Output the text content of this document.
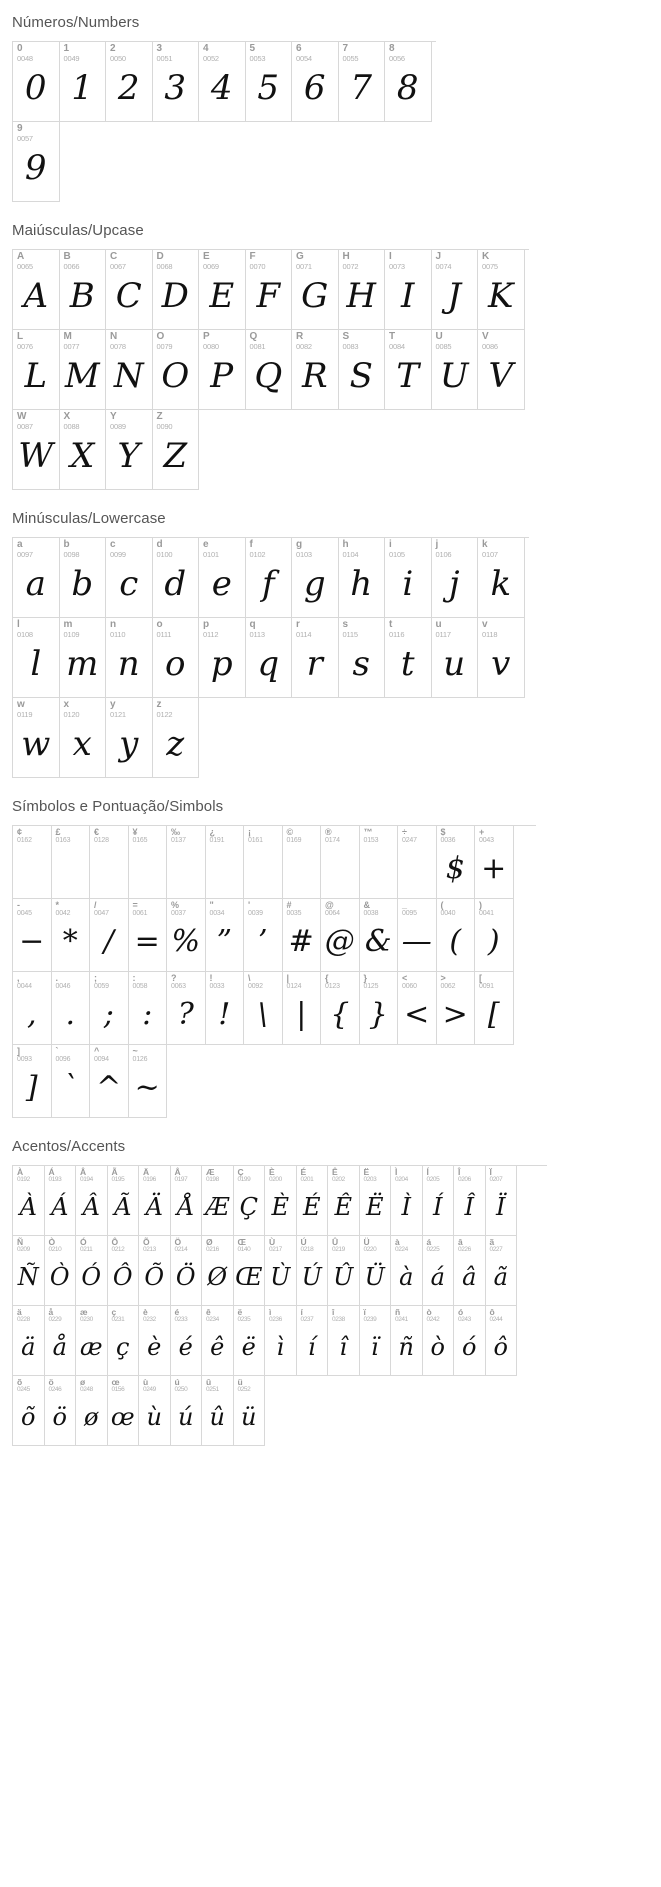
Números/Numbers
0
0048
0
1
0049
1
2
0050
2
3
0051
3
4
0052
4
5
0053
5
6
0054
6
7
0055
7
8
0056
8
9
0057
9
Maiúsculas/Upcase
A
0065
A
B
0066
B
C
0067
C
D
0068
D
E
0069
E
F
0070
F
G
0071
G
H
0072
H
I
0073
I
J
0074
J
K
0075
K
L
0076
L
M
0077
M
N
0078
N
O
0079
O
P
0080
P
Q
0081
Q
R
0082
R
S
0083
S
T
0084
T
U
0085
U
V
0086
V
W
0087
W
X
0088
X
Y
0089
Y
Z
0090
Z
Minúsculas/Lowercase
a
0097
a
b
0098
b
c
0099
c
d
0100
d
e
0101
e
f
0102
f
g
0103
g
h
0104
h
i
0105
i
j
0106
j
k
0107
k
l
0108
l
m
0109
m
n
0110
n
o
0111
o
p
0112
p
q
0113
q
r
0114
r
s
0115
s
t
0116
t
u
0117
u
v
0118
v
w
0119
w
x
0120
x
y
0121
y
z
0122
z
Símbolos e Pontuação/Simbols
¢
0162
£
0163
€
0128
¥
0165
‰
0137
¿
0191
¡
0161
©
0169
®
0174
™
0153
÷
0247
$
0036
$
+
0043
+
-
0045
−
*
0042
*
/
0047
/
=
0061
=
%
0037
%
"
0034
”
'
0039
’
#
0035
#
@
0064
@
&
0038
&
_
0095
—
(
0040
(
)
0041
)
,
0044
,
.
0046
.
;
0059
;
:
0058
:
?
0063
?
!
0033
!
\
0092
\
|
0124
|
{
0123
{
}
0125
}
<
0060
<
>
0062
>
[
0091
[
]
0093
]
`
0096
`
^
0094
^
~
0126
~
Acentos/Accents
À
0192
À
Á
0193
Á
Â
0194
Â
Ã
0195
Ã
Ä
0196
Ä
Å
0197
Å
Æ
0198
Æ
Ç
0199
Ç
È
0200
È
É
0201
É
Ê
0202
Ê
Ë
0203
Ë
Ì
0204
Ì
Í
0205
Í
Î
0206
Î
Ï
0207
Ï
Ñ
0209
Ñ
Ò
0210
Ò
Ó
0211
Ó
Ô
0212
Ô
Õ
0213
Õ
Ö
0214
Ö
Ø
0216
Ø
Œ
0140
Œ
Ù
0217
Ù
Ú
0218
Ú
Û
0219
Û
Ü
0220
Ü
à
0224
à
á
0225
á
â
0226
â
ã
0227
ã
ä
0228
ä
å
0229
å
æ
0230
æ
ç
0231
ç
è
0232
è
é
0233
é
ê
0234
ê
ë
0235
ë
ì
0236
ì
í
0237
í
î
0238
î
ï
0239
ï
ñ
0241
ñ
ò
0242
ò
ó
0243
ó
ô
0244
ô
õ
0245
õ
ö
0246
ö
ø
0248
ø
œ
0156
œ
ù
0249
ù
ú
0250
ú
û
0251
û
ü
0252
ü
